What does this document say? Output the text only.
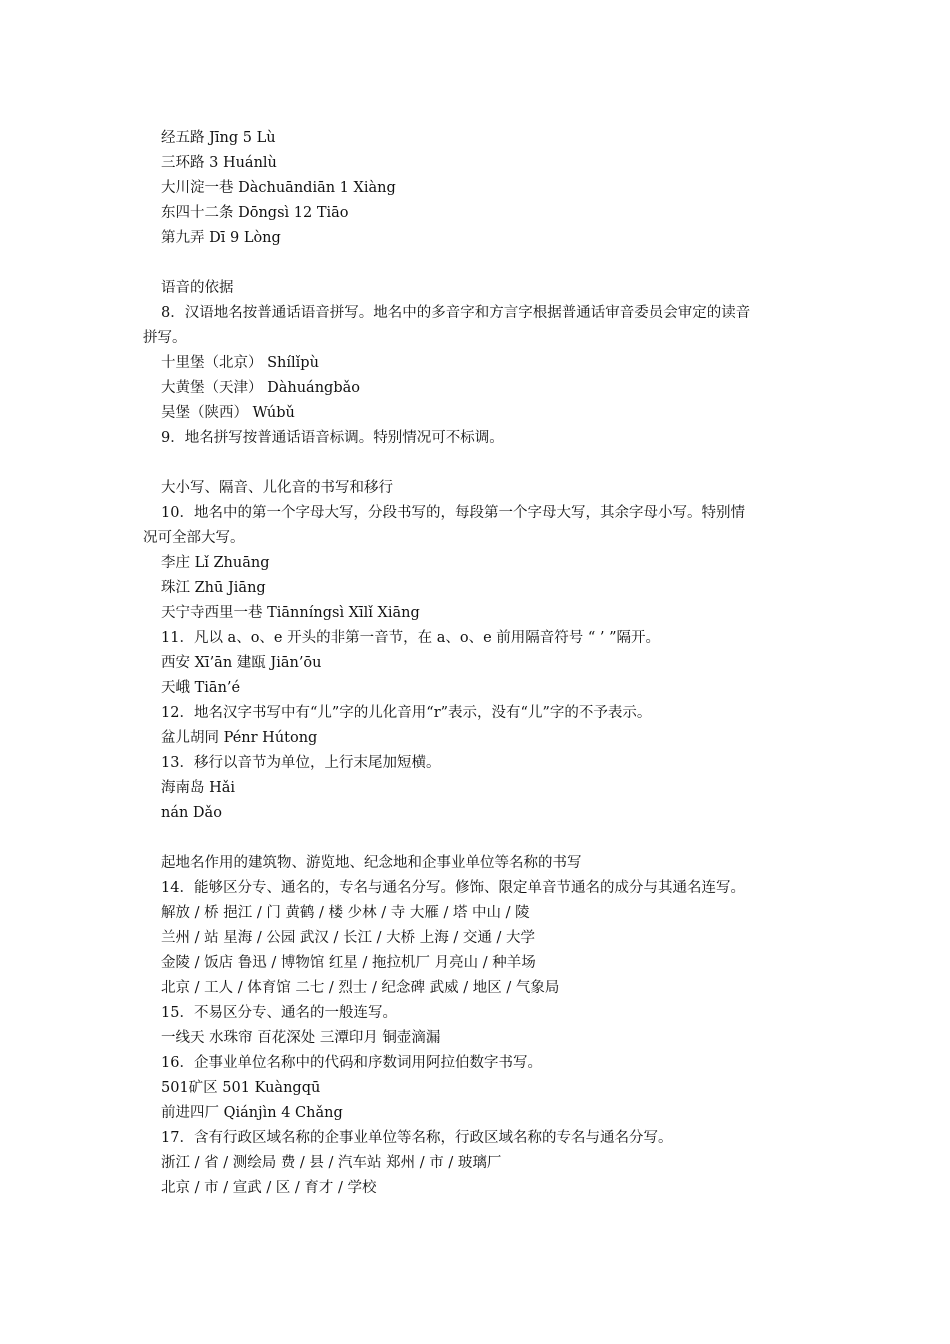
经五路 Jīng 5 Lù
三环路 3 Huánlù
大川淀一巷 Dàchuāndiān 1 Xiàng
东四十二条 Dōngsì 12 Tiāo
第九弄 Dī 9 Lòng
语音的依据
8．汉语地名按普通话语音拼写。地名中的多音字和方言字根据普通话审音委员会审定的读音
拼写。
十里堡（北京） Shílǐpù
大黄堡（天津） Dàhuángbǎo
吴堡（陕西） Wúbǔ
9．地名拼写按普通话语音标调。特别情况可不标调。
大小写、隔音、儿化音的书写和移行
10．地名中的第一个字母大写，分段书写的，每段第一个字母大写，其余字母小写。特别情
况可全部大写。
李庄 Lǐ Zhuāng
珠江 Zhū Jiāng
天宁寺西里一巷 Tiānníngsì Xīlǐ Xiāng
11．凡以 a、o、e 开头的非第一音节，在 a、o、e 前用隔音符号 “ ’ ”隔开。
西安 Xī’ān 建瓯 Jiān’ōu
天峨 Tiān’é
12．地名汉字书写中有“儿”字的儿化音用“r”表示，没有“儿”字的不予表示。
盆儿胡同 Pénr Hútong
13．移行以音节为单位，上行末尾加短横。
海南岛 Hǎi
nán Dǎo
起地名作用的建筑物、游览地、纪念地和企事业单位等名称的书写
14．能够区分专、通名的，专名与通名分写。修饰、限定单音节通名的成分与其通名连写。
解放 / 桥 挹江 / 门 黄鹤 / 楼 少林 / 寺 大雁 / 塔 中山 / 陵
兰州 / 站 星海 / 公园 武汉 / 长江 / 大桥 上海 / 交通 / 大学
金陵 / 饭店 鲁迅 / 博物馆 红星 / 拖拉机厂 月亮山 / 种羊场
北京 / 工人 / 体育馆 二七 / 烈士 / 纪念碑 武威 / 地区 / 气象局
15．不易区分专、通名的一般连写。
一线天 水珠帘 百花深处 三潭印月 铜壶滴漏
16．企事业单位名称中的代码和序数词用阿拉伯数字书写。
501矿区 501 Kuàngqū
前进四厂 Qiánjìn 4 Chǎng
17．含有行政区域名称的企事业单位等名称，行政区域名称的专名与通名分写。
浙江 / 省 / 测绘局 费 / 县 / 汽车站 郑州 / 市 / 玻璃厂
北京 / 市 / 宣武 / 区 / 育才 / 学校
